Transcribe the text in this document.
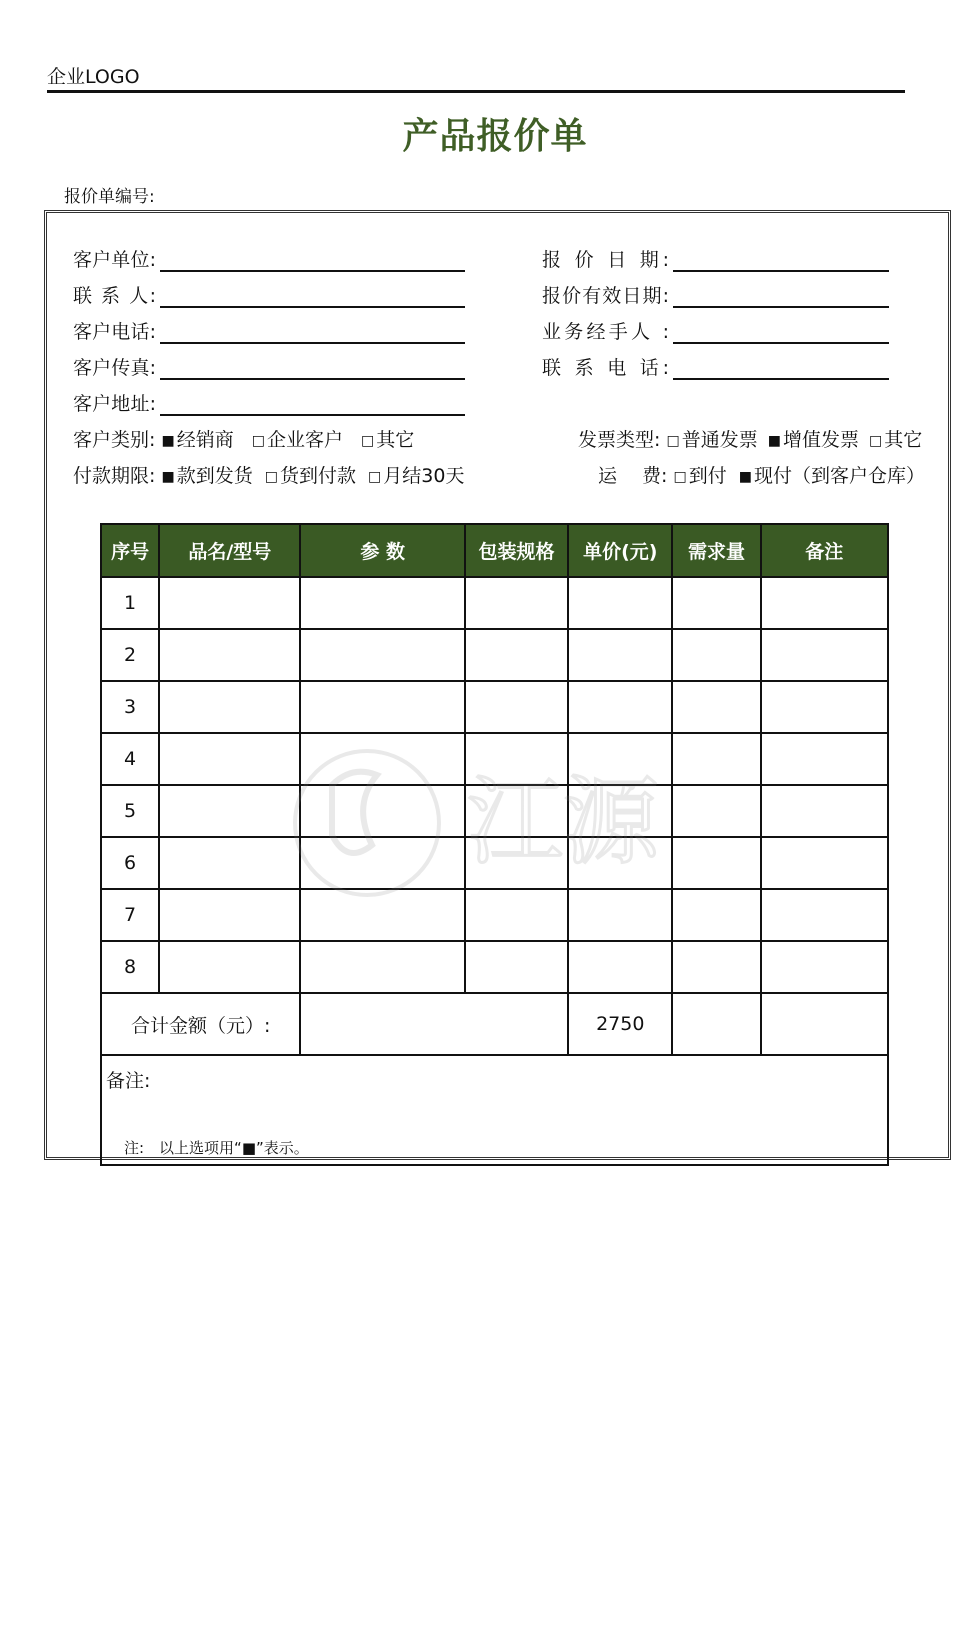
企业LOGO
产品报价单
报价单编号:
客户单位:	报 价 日 期:
联 系 人:	报价有效日期:
客户电话:	业务经手人 :
客户传真:	联 系 电 话:
客户地址:
客户类别: ■ 经销商 □ 企业客户 □ 其它
付款期限: ■ 款到发货 □ 货到付款 □ 月结30天
发票类型: □ 普通发票 ■ 增值发票 □ 其它
运　 费: □ 到付 ■ 现付（到客户仓库）
序号	品名/型号	参 数	包装规格	单价(元)	需求量	备注
1						
2						
3						
4						
5						
6						
7						
8						
合计金额（元）:				2750		
备注:						
注:　以上选项用“■”表示。
江源
